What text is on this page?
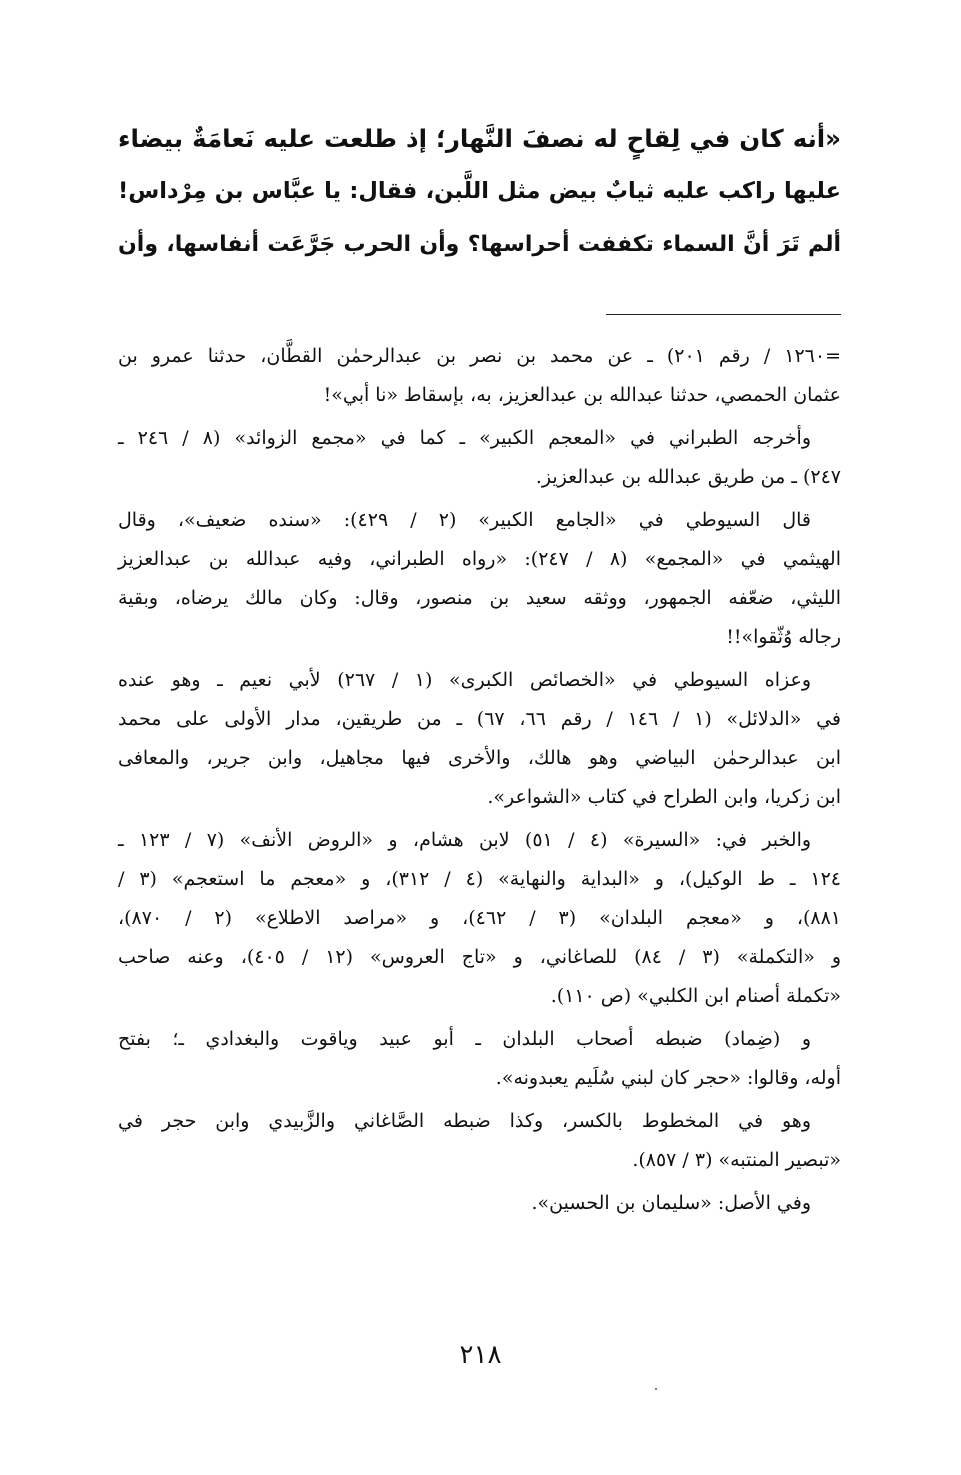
«أنه كان في لِقاحٍ له نصفَ النَّهار؛ إذ طلعت عليه نَعامَةٌ بيضاء
عليها راكب عليه ثيابٌ بيض مثل اللَّبن، فقال: يا عبَّاس بن مِرْداس!
ألم تَرَ أنَّ السماء تكففت أحراسها؟ وأن الحرب جَرَّعَت أنفاسها، وأن
=١٢٦٠ / رقم ٢٠١) ـ عن محمد بن نصر بن عبدالرحمٰن القطَّان، حدثنا عمرو بن
عثمان الحمصي، حدثنا عبدالله بن عبدالعزيز، به، بإسقاط «نا أبي»!
وأخرجه الطبراني في «المعجم الكبير» ـ كما في «مجمع الزوائد» (٨ / ٢٤٦ ـ
٢٤٧) ـ من طريق عبدالله بن عبدالعزيز.
قال السيوطي في «الجامع الكبير» (٢ / ٤٢٩): «سنده ضعيف»، وقال
الهيثمي في «المجمع» (٨ / ٢٤٧): «رواه الطبراني، وفيه عبدالله بن عبدالعزيز
الليثي، ضعّفه الجمهور، ووثقه سعيد بن منصور، وقال: وكان مالك يرضاه، وبقية
رجاله وُثّقوا»!!
وعزاه السيوطي في «الخصائص الكبرى» (١ / ٢٦٧) لأبي نعيم ـ وهو عنده
في «الدلائل» (١ / ١٤٦ / رقم ٦٦، ٦٧) ـ من طريقين، مدار الأولى على محمد
ابن عبدالرحمٰن البياضي وهو هالك، والأخرى فيها مجاهيل، وابن جرير، والمعافى
ابن زكريا، وابن الطراح في كتاب «الشواعر».
والخبر في: «السيرة» (٤ / ٥١) لابن هشام، و «الروض الأنف» (٧ / ١٢٣ ـ
١٢٤ ـ ط الوكيل)، و «البداية والنهاية» (٤ / ٣١٢)، و «معجم ما استعجم» (٣ /
٨٨١)، و «معجم البلدان» (٣ / ٤٦٢)، و «مراصد الاطلاع» (٢ / ٨٧٠)،
و «التكملة» (٣ / ٨٤) للصاغاني، و «تاج العروس» (١٢ / ٤٠٥)، وعنه صاحب
«تكملة أصنام ابن الكلبي» (ص ١١٠).
و (ضِماد) ضبطه أصحاب البلدان ـ أبو عبيد وياقوت والبغدادي ـ؛ بفتح
أوله، وقالوا: «حجر كان لبني سُلَيم يعبدونه».
وهو في المخطوط بالكسر، وكذا ضبطه الصَّاغاني والزَّبيدي وابن حجر في
«تبصير المنتبه» (٣ / ٨٥٧).
وفي الأصل: «سليمان بن الحسين».
٢١٨
